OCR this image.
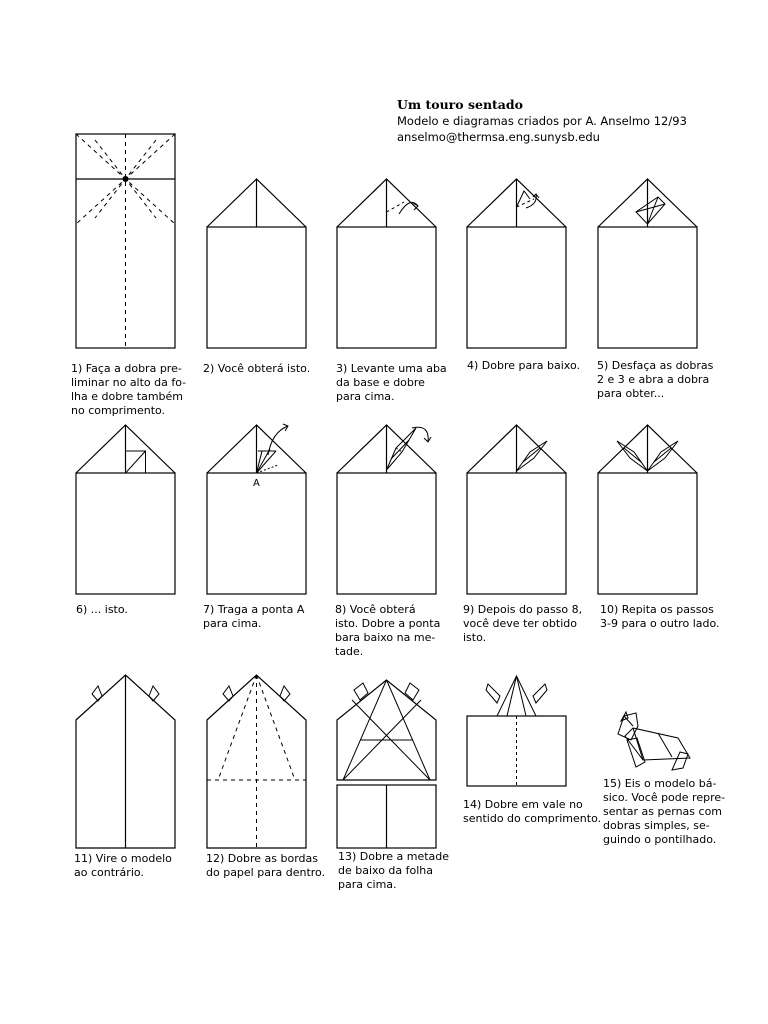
Um touro sentado
Modelo e diagramas criados por A. Anselmo 12/93
anselmo@thermsa.eng.sunysb.edu
1) Faça a dobra pre-
liminar no alto da fo-
lha e dobre também
no comprimento.
2) Você obterá isto. 3) Levante uma aba
da base e dobre
para cima.
4) Dobre para baixo. 5) Desfaça as dobras
2 e 3 e abra a dobra
para obter...
6) ... isto.	7) Traga a ponta A
para cima.
8) Você obterá
isto. Dobre a ponta
bara baixo na me-
tade.
9) Depois do passo 8,
você deve ter obtido
isto.
10) Repita os passos
3-9 para o outro lado.
11) Vire o modelo
ao contrário.
12) Dobre as bordas
do papel para dentro.
13) Dobre a metade
de baixo da folha
para cima.
14) Dobre em vale no
sentido do comprimento.
15) Eis o modelo bá-
sico. Você pode repre-
sentar as pernas com
dobras simples, se-
guindo o pontilhado.
A
